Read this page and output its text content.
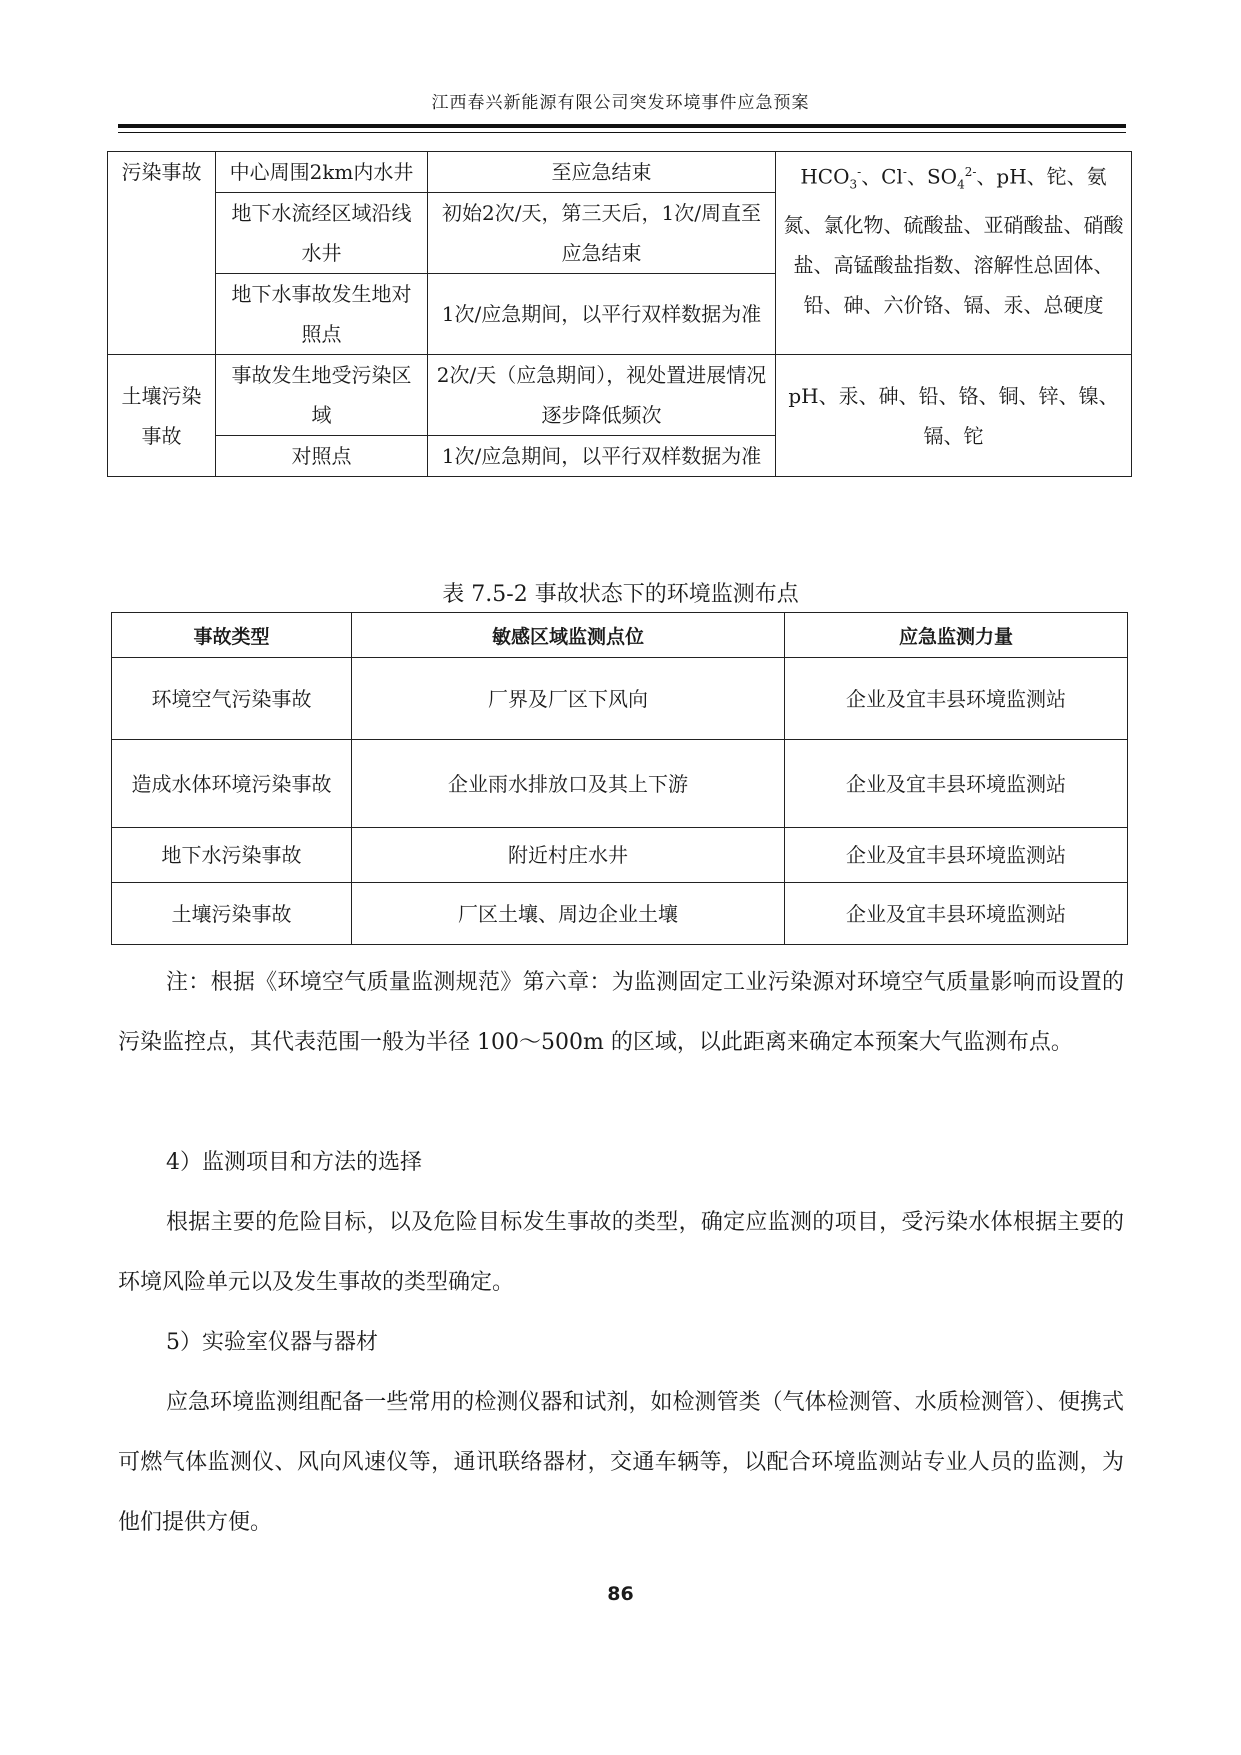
江西春兴新能源有限公司突发环境事件应急预案
污染事故	中心周围2km内水井	至应急结束	$HCO_3^-$、Cl-、$SO_4^{2-}$、pH、铊、氨氮、氯化物、硫酸盐、亚硝酸盐、硝酸盐、高锰酸盐指数、溶解性总固体、铅、砷、六价铬、镉、汞、总硬度
	地下水流经区域沿线水井	初始2次/天，第三天后，1次/周直至应急结束	
	地下水事故发生地对照点	1次/应急期间，以平行双样数据为准	
土壤污染事故	事故发生地受污染区域	2次/天（应急期间），视处置进展情况逐步降低频次	pH、汞、砷、铅、铬、铜、锌、镍、镉、铊
	对照点	1次/应急期间，以平行双样数据为准	
表 7.5-2 事故状态下的环境监测布点
事故类型	敏感区域监测点位	应急监测力量
环境空气污染事故	厂界及厂区下风向	企业及宜丰县环境监测站
造成水体环境污染事故	企业雨水排放口及其上下游	企业及宜丰县环境监测站
地下水污染事故	附近村庄水井	企业及宜丰县环境监测站
土壤污染事故	厂区土壤、周边企业土壤	企业及宜丰县环境监测站
注：根据《环境空气质量监测规范》第六章：为监测固定工业污染源对环境空气质量影响而设置的污染监控点，其代表范围一般为半径 100～500m 的区域，以此距离来确定本预案大气监测布点。
4）监测项目和方法的选择
根据主要的危险目标，以及危险目标发生事故的类型，确定应监测的项目，受污染水体根据主要的环境风险单元以及发生事故的类型确定。
5）实验室仪器与器材
应急环境监测组配备一些常用的检测仪器和试剂，如检测管类（气体检测管、水质检测管）、便携式可燃气体监测仪、风向风速仪等，通讯联络器材，交通车辆等，以配合环境监测站专业人员的监测，为他们提供方便。
86
